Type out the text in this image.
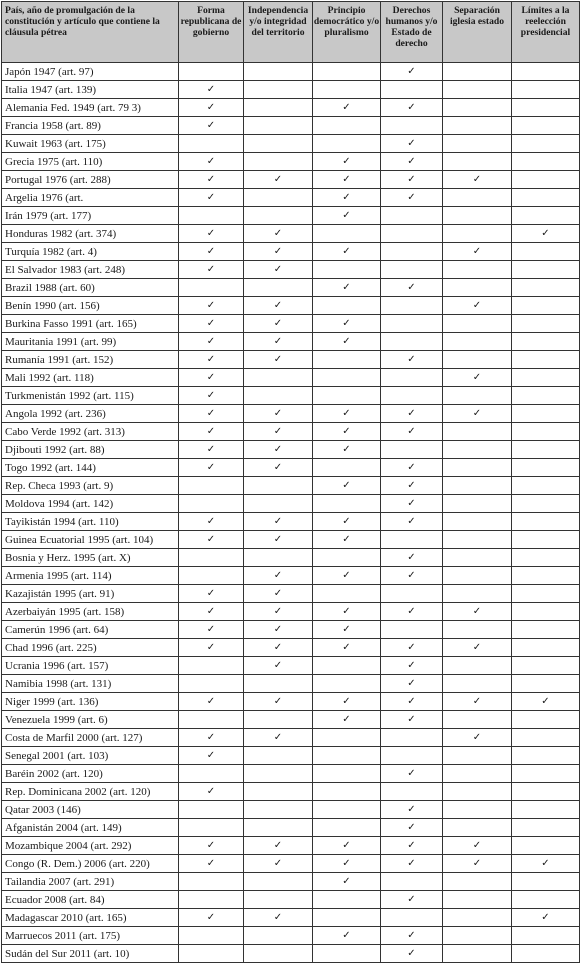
País, año de promulgación de la constitución y artículo que contiene la cláusula pétrea	Forma republicana de gobierno	Independencia y/o integridad del territorio	Principio democrático y/o pluralismo	Derechos humanos y/o Estado de derecho	Separación iglesia estado	Límites a la reelección presidencial
Japón 1947 (art. 97)				✓		
Italia 1947 (art. 139)	✓					
Alemania Fed. 1949 (art. 79 3)	✓		✓	✓		
Francia 1958 (art. 89)	✓					
Kuwait 1963 (art. 175)				✓		
Grecia 1975 (art. 110)	✓		✓	✓		
Portugal 1976 (art. 288)	✓	✓	✓	✓	✓	
Argelia 1976 (art.	✓		✓	✓		
Irán 1979 (art. 177)			✓			
Honduras 1982 (art. 374)	✓	✓				✓
Turquía 1982 (art. 4)	✓	✓	✓		✓	
El Salvador 1983 (art. 248)	✓	✓				
Brazil 1988 (art. 60)			✓	✓		
Benín 1990 (art. 156)	✓	✓			✓	
Burkina Fasso 1991 (art. 165)	✓	✓	✓			
Mauritania 1991 (art. 99)	✓	✓	✓			
Rumanía 1991 (art. 152)	✓	✓		✓		
Mali 1992 (art. 118)	✓				✓	
Turkmenistán 1992 (art. 115)	✓					
Angola 1992 (art. 236)	✓	✓	✓	✓	✓	
Cabo Verde 1992 (art. 313)	✓	✓	✓	✓		
Djibouti 1992 (art. 88)	✓	✓	✓			
Togo 1992 (art. 144)	✓	✓		✓		
Rep. Checa 1993 (art. 9)			✓	✓		
Moldova 1994 (art. 142)				✓		
Tayikistán 1994 (art. 110)	✓	✓	✓	✓		
Guinea Ecuatorial 1995 (art. 104)	✓	✓	✓			
Bosnia y Herz. 1995 (art. X)				✓		
Armenia 1995 (art. 114)		✓	✓	✓		
Kazajistán 1995 (art. 91)	✓	✓				
Azerbaiyán 1995 (art. 158)	✓	✓	✓	✓	✓	
Camerún 1996 (art. 64)	✓	✓	✓			
Chad 1996 (art. 225)	✓	✓	✓	✓	✓	
Ucrania 1996 (art. 157)		✓		✓		
Namibia 1998 (art. 131)				✓		
Niger 1999 (art. 136)	✓	✓	✓	✓	✓	✓
Venezuela 1999 (art. 6)			✓	✓		
Costa de Marfil 2000 (art. 127)	✓	✓			✓	
Senegal 2001 (art. 103)	✓					
Baréin 2002 (art. 120)				✓		
Rep. Dominicana 2002 (art. 120)	✓					
Qatar 2003 (146)				✓		
Afganistán 2004 (art. 149)				✓		
Mozambique 2004 (art. 292)	✓	✓	✓	✓	✓	
Congo (R. Dem.) 2006 (art. 220)	✓	✓	✓	✓	✓	✓
Tailandia 2007 (art. 291)			✓			
Ecuador 2008 (art. 84)				✓		
Madagascar 2010 (art. 165)	✓	✓				✓
Marruecos 2011 (art. 175)			✓	✓		
Sudán del Sur 2011 (art. 10)				✓		
